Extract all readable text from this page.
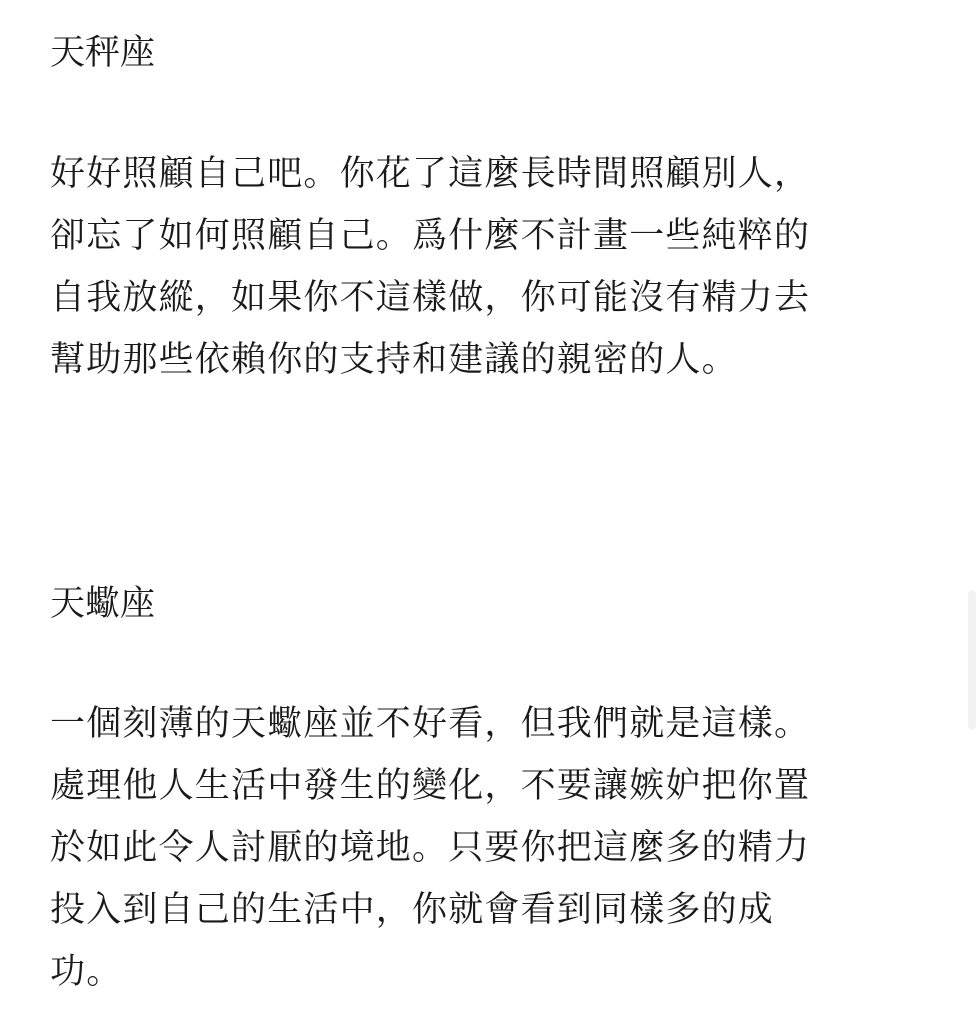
天秤座

好好照顧自己吧。你花了這麼長時間照顧別人，
卻忘了如何照顧自己。爲什麼不計畫一些純粹的
自我放縱，如果你不這樣做，你可能沒有精力去
幫助那些依賴你的支持和建議的親密的人。

天蠍座

一個刻薄的天蠍座並不好看，但我們就是這樣。
處理他人生活中發生的變化，不要讓嫉妒把你置
於如此令人討厭的境地。只要你把這麼多的精力
投入到自己的生活中，你就會看到同樣多的成
功。
